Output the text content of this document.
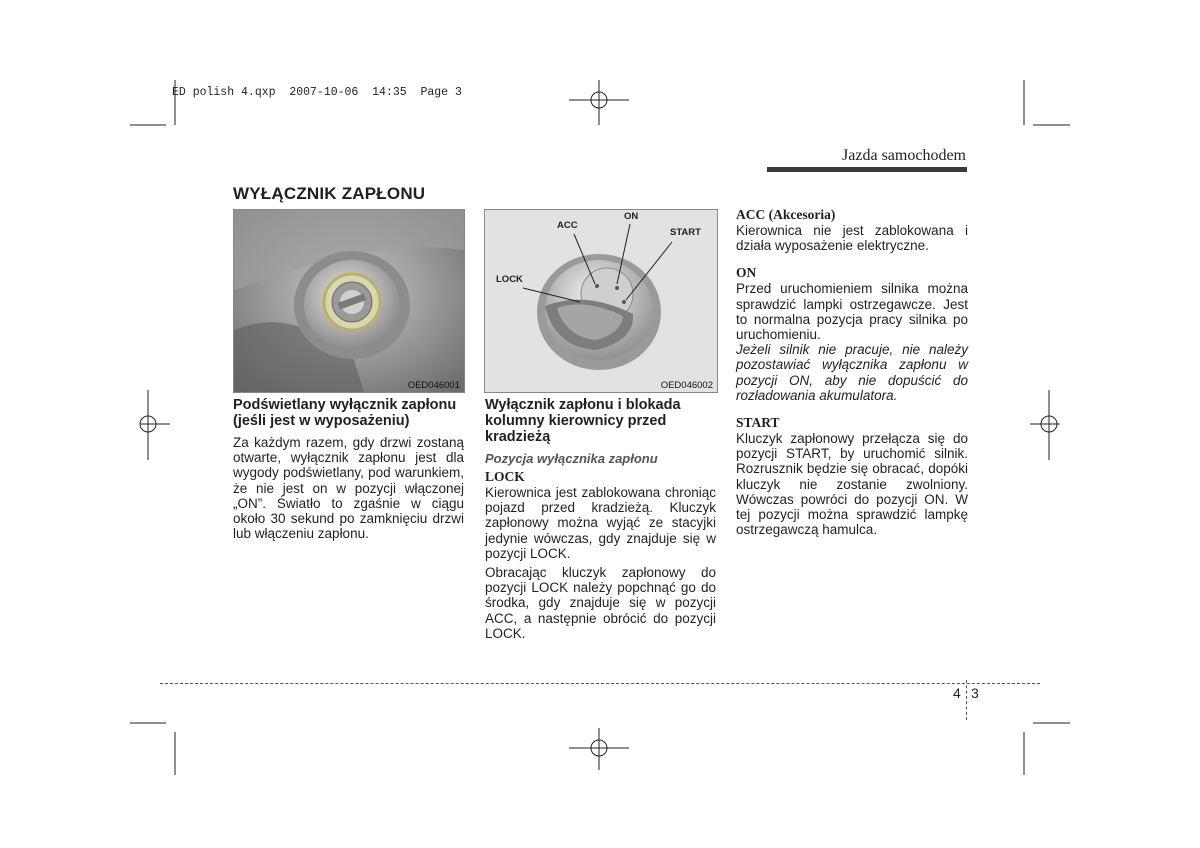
ED polish 4.qxp  2007-10-06  14:35  Page 3
Jazda samochodem
WYŁĄCZNIK ZAPŁONU
OED046001

Podświetlany wyłącznik zapłonu (jeśli jest w wyposażeniu)

Za każdym razem, gdy drzwi zostaną otwarte, wyłącznik zapłonu jest dla wygody podświetlany, pod warunkiem, że nie jest on w pozycji włączonej „ON”. Światło to zgaśnie w ciągu około 30 sekund po zamknięciu drzwi lub włączeniu zapłonu.

ACC
ON
START
LOCK
OED046002

Wyłącznik zapłonu i blokada kolumny kierownicy przed kradzieżą

Pozycja wyłącznika zapłonu

LOCK

Kierownica jest zablokowana chroniąc pojazd przed kradzieżą. Kluczyk zapłonowy można wyjąć ze stacyjki jedynie wówczas, gdy znajduje się w pozycji LOCK.

Obracając kluczyk zapłonowy do pozycji LOCK należy popchnąć go do środka, gdy znajduje się w pozycji ACC, a następnie obrócić do pozycji LOCK.

ACC (Akcesoria)

Kierownica nie jest zablokowana i działa wyposażenie elektryczne.

ON

Przed uruchomieniem silnika można sprawdzić lampki ostrzegawcze. Jest to normalna pozycja pracy silnika po uruchomieniu.

Jeżeli silnik nie pracuje, nie należy pozostawiać wyłącznika zapłonu w pozycji ON, aby nie dopuścić do rozładowania akumulatora.

START

Kluczyk zapłonowy przełącza się do pozycji START, by uruchomić silnik. Rozrusznik będzie się obracać, dopóki kluczyk nie zostanie zwolniony. Wówczas powróci do pozycji ON. W tej pozycji można sprawdzić lampkę ostrzegawczą hamulca.

4 3
